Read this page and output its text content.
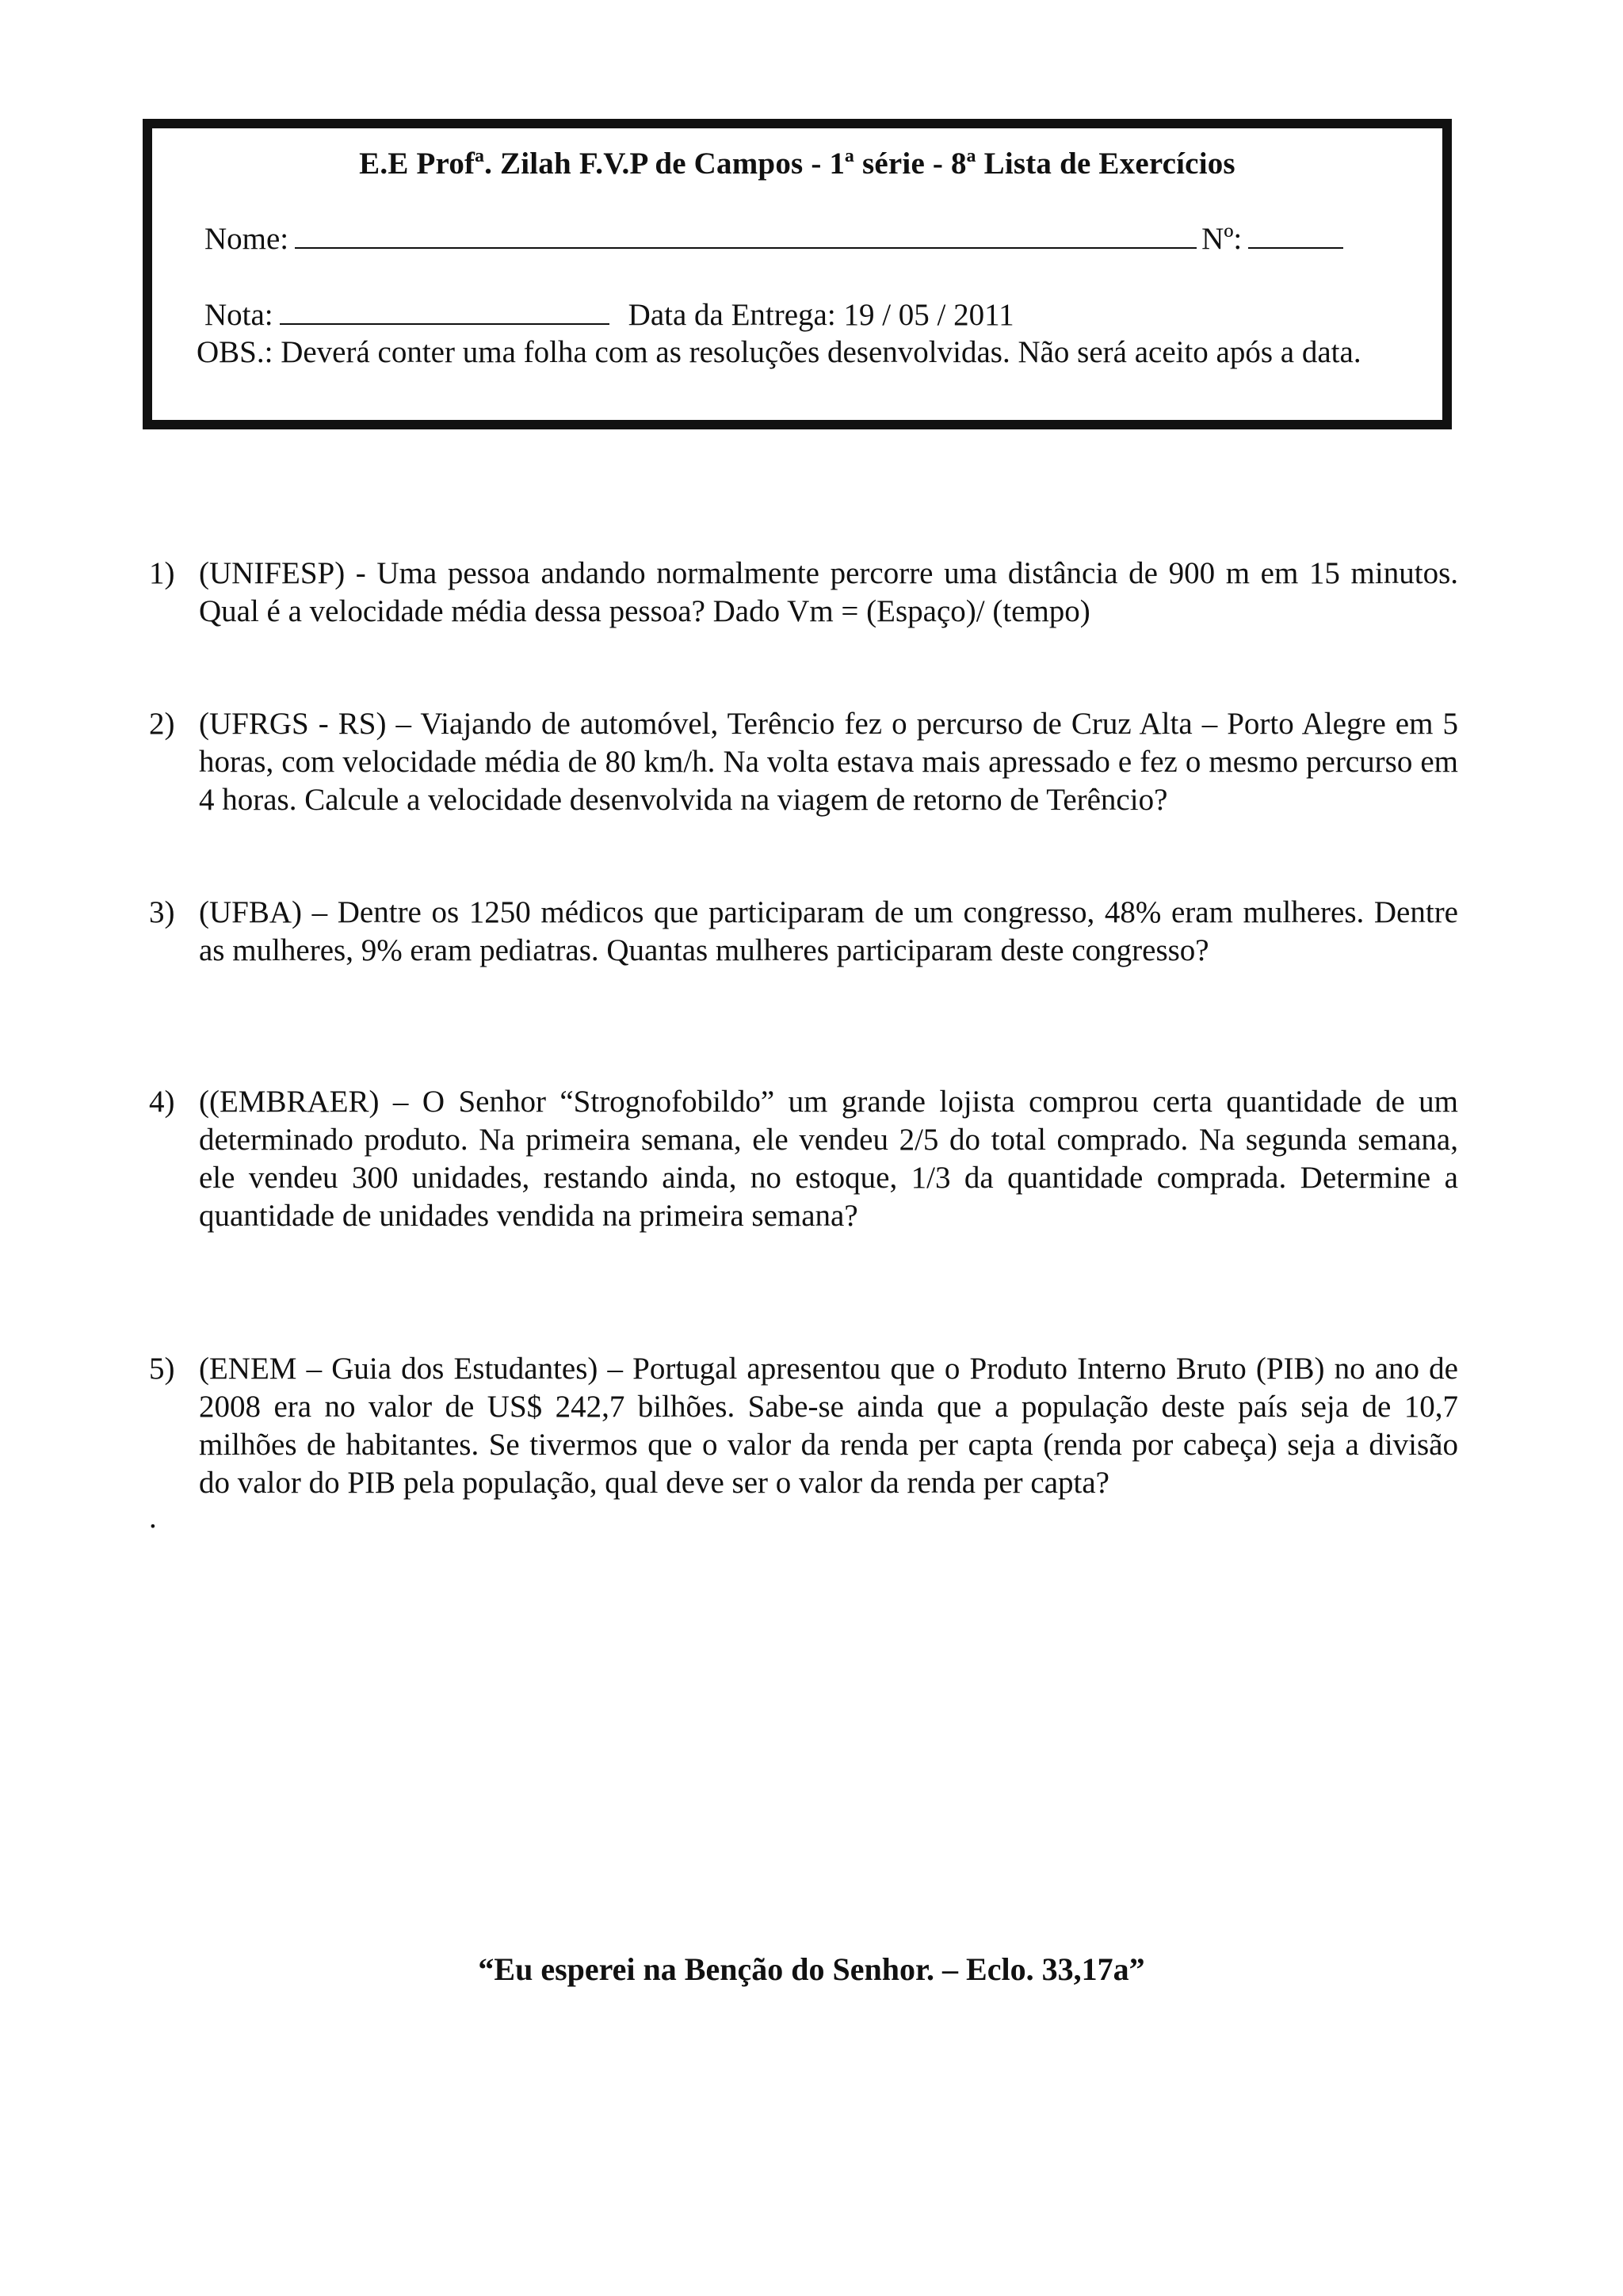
E.E Profª. Zilah F.V.P de Campos - 1ª série - 8ª Lista de Exercícios
Nome:	Nº:
Nota:	Data da Entrega: 19 / 05 / 2011
OBS.: Deverá conter uma folha com as resoluções desenvolvidas. Não será aceito após a data.
1) (UNIFESP) - Uma pessoa andando normalmente percorre uma distância de 900 m em 15 minutos. Qual é a velocidade média dessa pessoa? Dado Vm = (Espaço)/ (tempo)
2) (UFRGS - RS) – Viajando de automóvel, Terêncio fez o percurso de Cruz Alta – Porto Alegre em 5 horas, com velocidade média de 80 km/h. Na volta estava mais apressado e fez o mesmo percurso em 4 horas. Calcule a velocidade desenvolvida na viagem de retorno de Terêncio?
3) (UFBA) – Dentre os 1250 médicos que participaram de um congresso, 48% eram mulheres. Dentre as mulheres, 9% eram pediatras. Quantas mulheres participaram deste congresso?
4) ((EMBRAER) – O Senhor “Strognofobildo” um grande lojista comprou certa quantidade de um determinado produto. Na primeira semana, ele vendeu 2/5 do total comprado. Na segunda semana, ele vendeu 300 unidades, restando ainda, no estoque, 1/3 da quantidade comprada. Determine a quantidade de unidades vendida na primeira semana?
5) (ENEM – Guia dos Estudantes) – Portugal apresentou que o Produto Interno Bruto (PIB) no ano de 2008 era no valor de US$ 242,7 bilhões. Sabe-se ainda que a população deste país seja de 10,7 milhões de habitantes. Se tivermos que o valor da renda per capta (renda por cabeça) seja a divisão do valor do PIB pela população, qual deve ser o valor da renda per capta?
.
“Eu esperei na Benção do Senhor. – Eclo. 33,17a”
